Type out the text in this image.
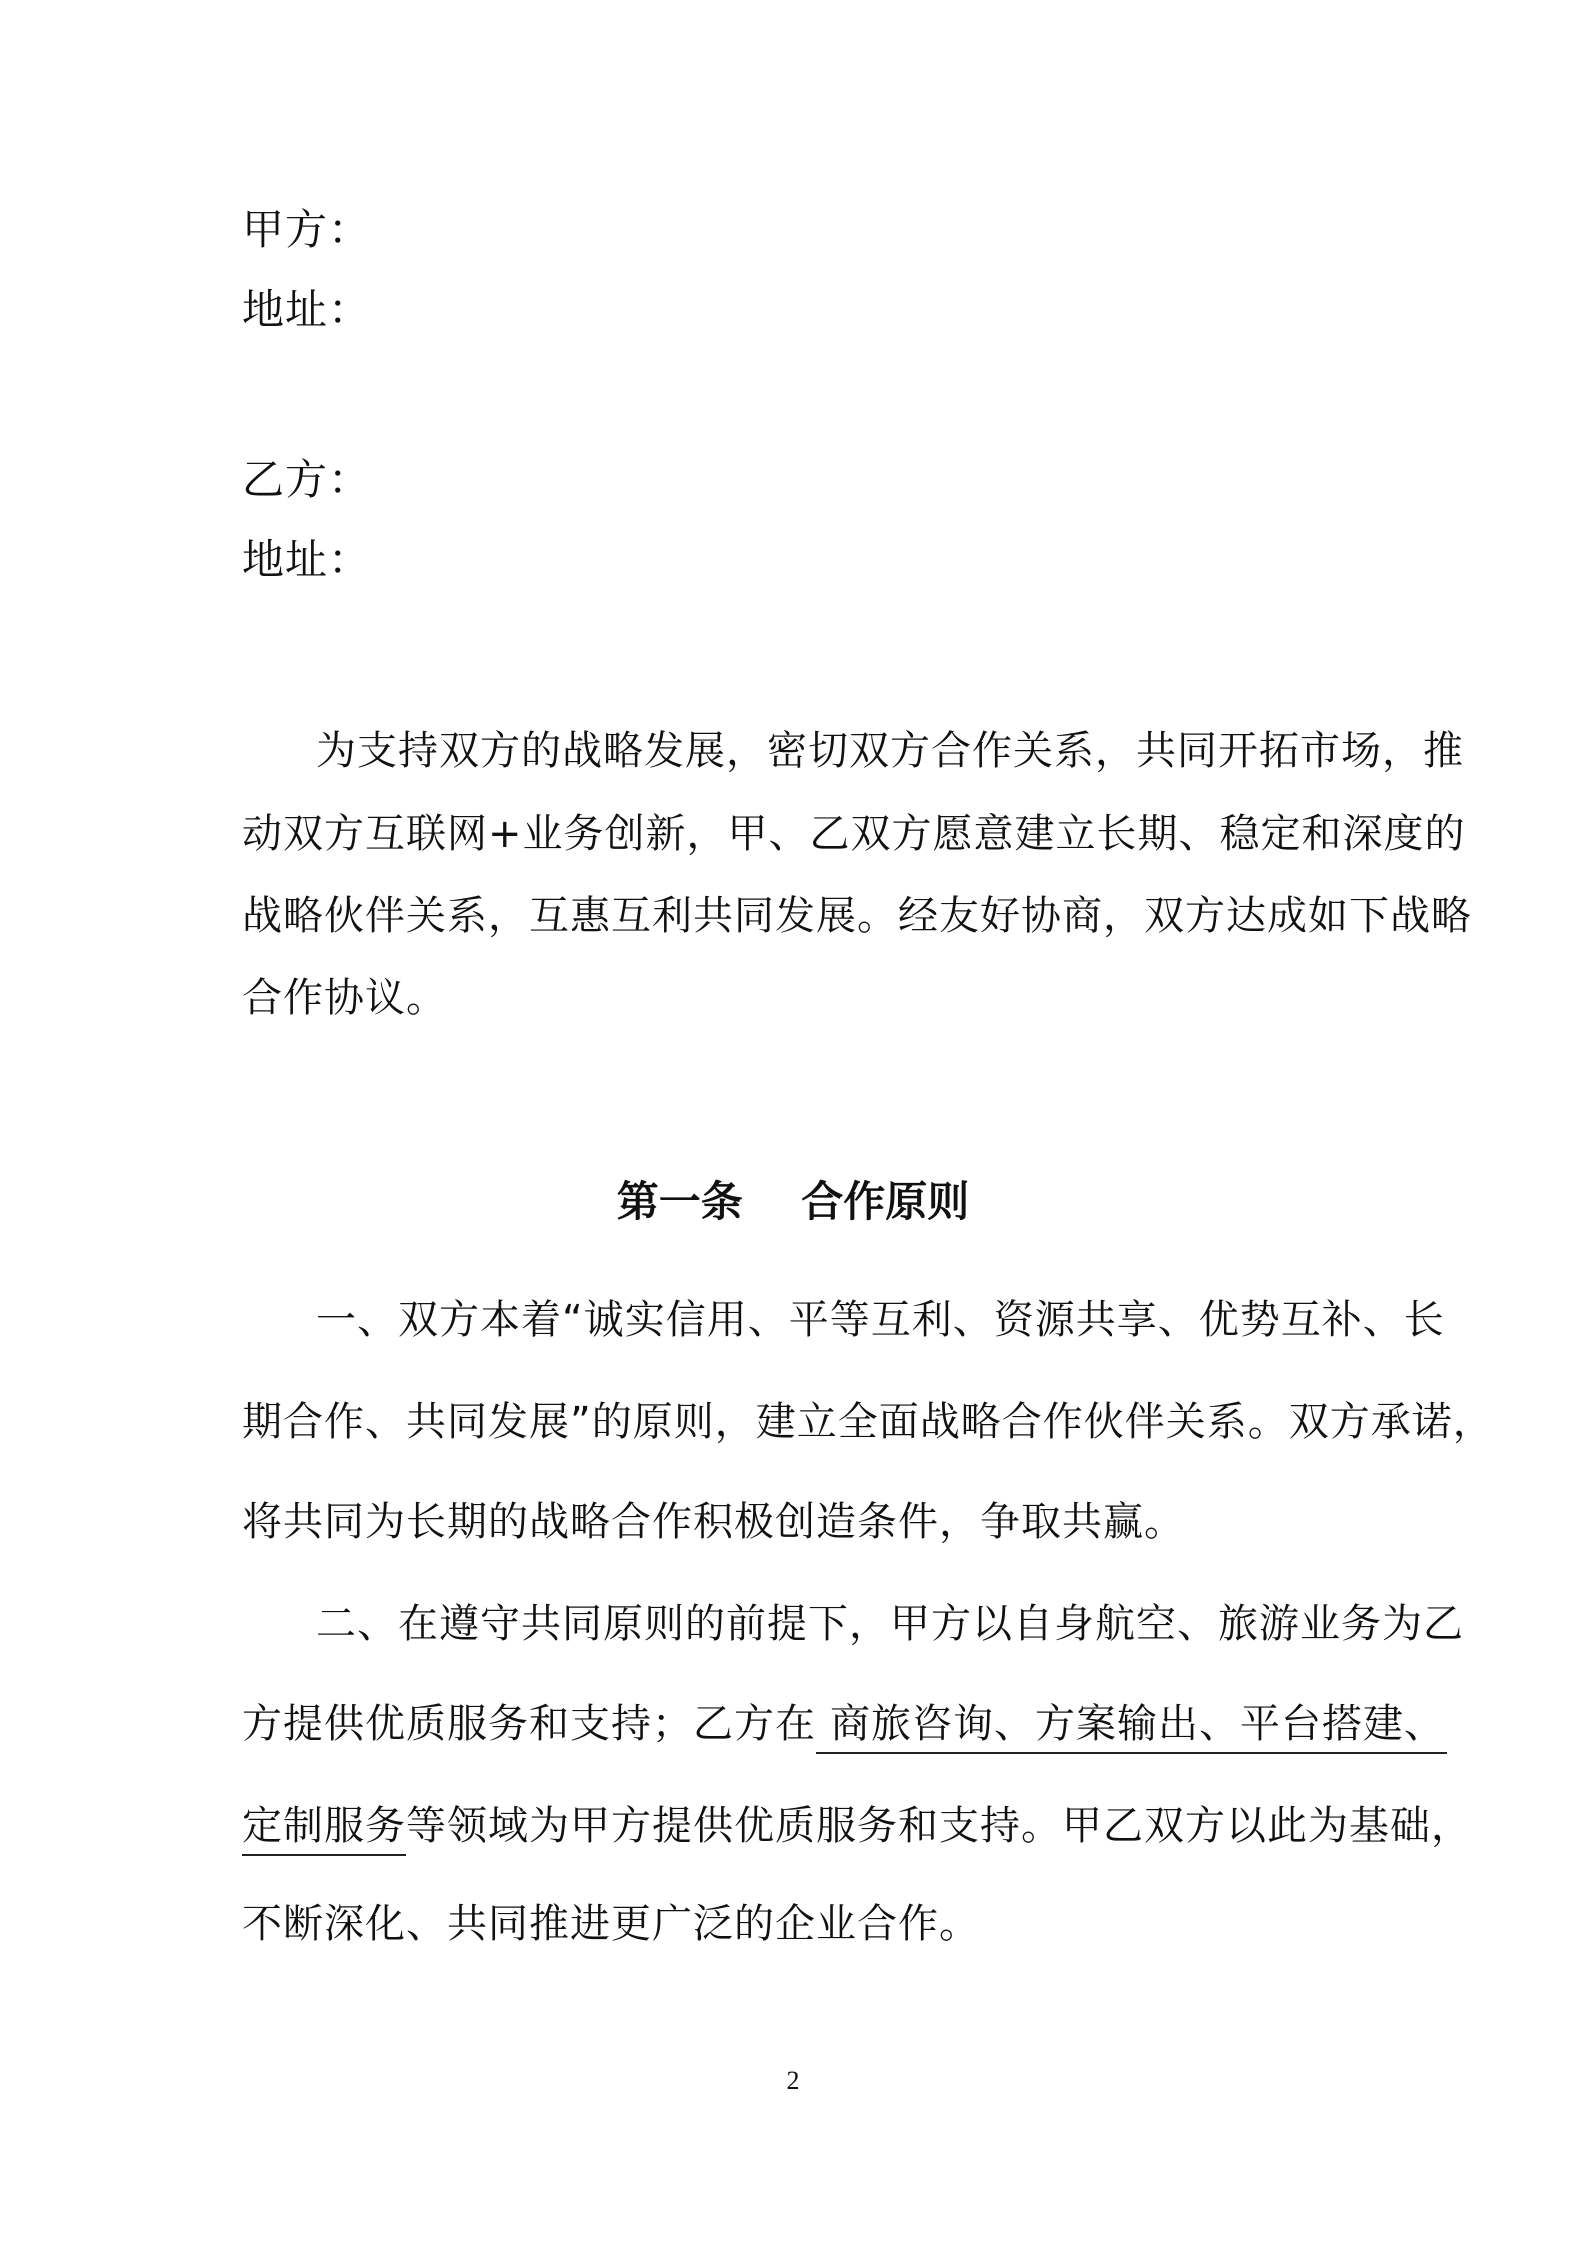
甲方：
地址：
乙方：
地址：
为支持双方的战略发展，密切双方合作关系，共同开拓市场，推
动双方互联网+业务创新，甲、乙双方愿意建立长期、稳定和深度的
战略伙伴关系，互惠互利共同发展。经友好协商，双方达成如下战略
合作协议。
第一条    合作原则
一、双方本着“诚实信用、平等互利、资源共享、优势互补、长
期合作、共同发展”的原则，建立全面战略合作伙伴关系。双方承诺，
将共同为长期的战略合作积极创造条件，争取共赢。
二、在遵守共同原则的前提下，甲方以自身航空、旅游业务为乙
方提供优质服务和支持；乙方在 商旅咨询、方案输出、平台搭建、
定制服务等领域为甲方提供优质服务和支持。甲乙双方以此为基础，
不断深化、共同推进更广泛的企业合作。
2
